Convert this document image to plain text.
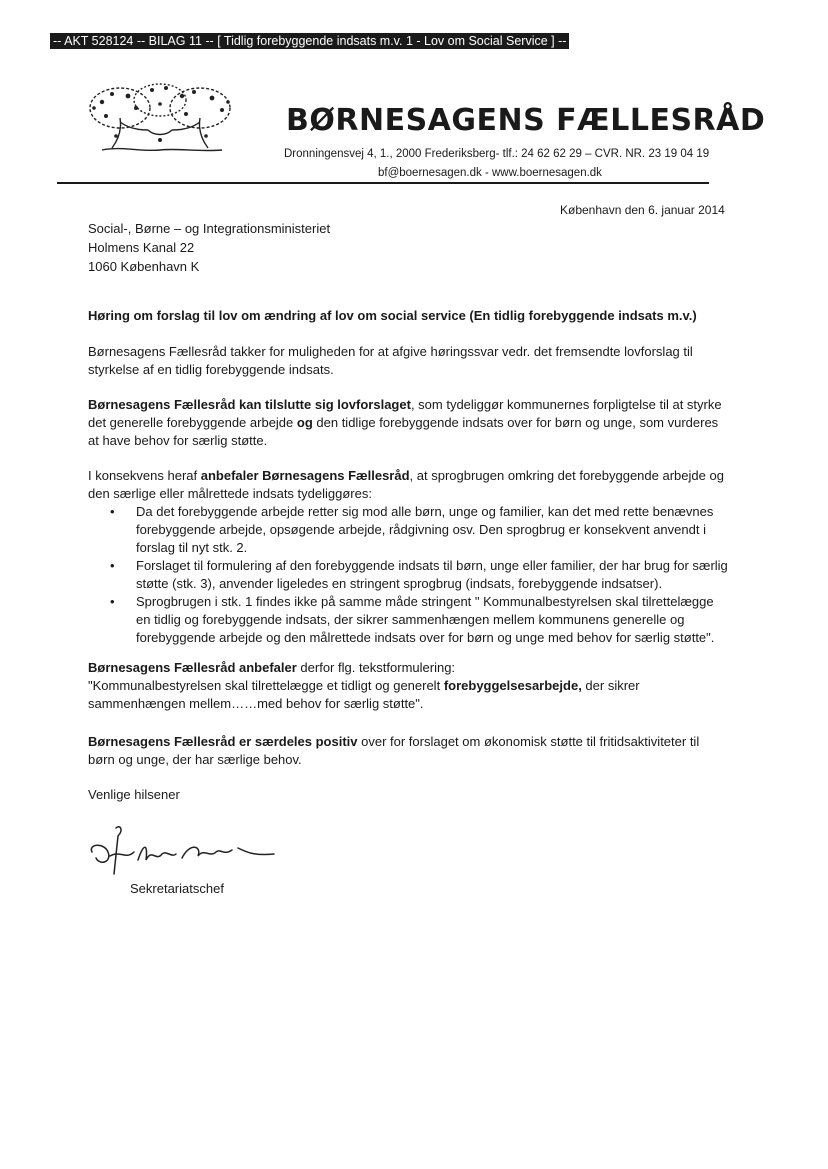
-- AKT 528124 -- BILAG 11 -- [ Tidlig forebyggende indsats m.v. 1 - Lov om Social Service ] --
BØRNESAGENS FÆLLESRÅD
Dronningensvej 4, 1., 2000 Frederiksberg- tlf.: 24 62 62 29 – CVR. NR. 23 19 04 19
bf@boernesagen.dk - www.boernesagen.dk
København den 6. januar 2014
Social-, Børne – og Integrationsministeriet
Holmens Kanal 22
1060 København K
Høring om forslag til lov om ændring af lov om social service (En tidlig forebyggende indsats m.v.)
Børnesagens Fællesråd takker for muligheden for at afgive høringssvar vedr. det fremsendte lovforslag til styrkelse af en tidlig forebyggende indsats.
Børnesagens Fællesråd kan tilslutte sig lovforslaget, som tydeliggør kommunernes forpligtelse til at styrke det generelle forebyggende arbejde og den tidlige forebyggende indsats over for børn og unge, som vurderes at have behov for særlig støtte.
I konsekvens heraf anbefaler Børnesagens Fællesråd, at sprogbrugen omkring det forebyggende arbejde og den særlige eller målrettede indsats tydeliggøres:
• Da det forebyggende arbejde retter sig mod alle børn, unge og familier, kan det med rette benævnes forebyggende arbejde, opsøgende arbejde, rådgivning osv. Den sprogbrug er konsekvent anvendt i forslag til nyt stk. 2.
• Forslaget til formulering af den forebyggende indsats til børn, unge eller familier, der har brug for særlig støtte (stk. 3), anvender ligeledes en stringent sprogbrug (indsats, forebyggende indsatser).
• Sprogbrugen i stk. 1 findes ikke på samme måde stringent " Kommunalbestyrelsen skal tilrettelægge en tidlig og forebyggende indsats, der sikrer sammenhængen mellem kommunens generelle og forebyggende arbejde og den målrettede indsats over for børn og unge med behov for særlig støtte".
Børnesagens Fællesråd anbefaler derfor flg. tekstformulering:
"Kommunalbestyrelsen skal tilrettelægge et tidligt og generelt forebyggelsesarbejde, der sikrer sammenhængen mellem……med behov for særlig støtte".
Børnesagens Fællesråd er særdeles positiv over for forslaget om økonomisk støtte til fritidsaktiviteter til børn og unge, der har særlige behov.
Venlige hilsener
Sekretariatschef
